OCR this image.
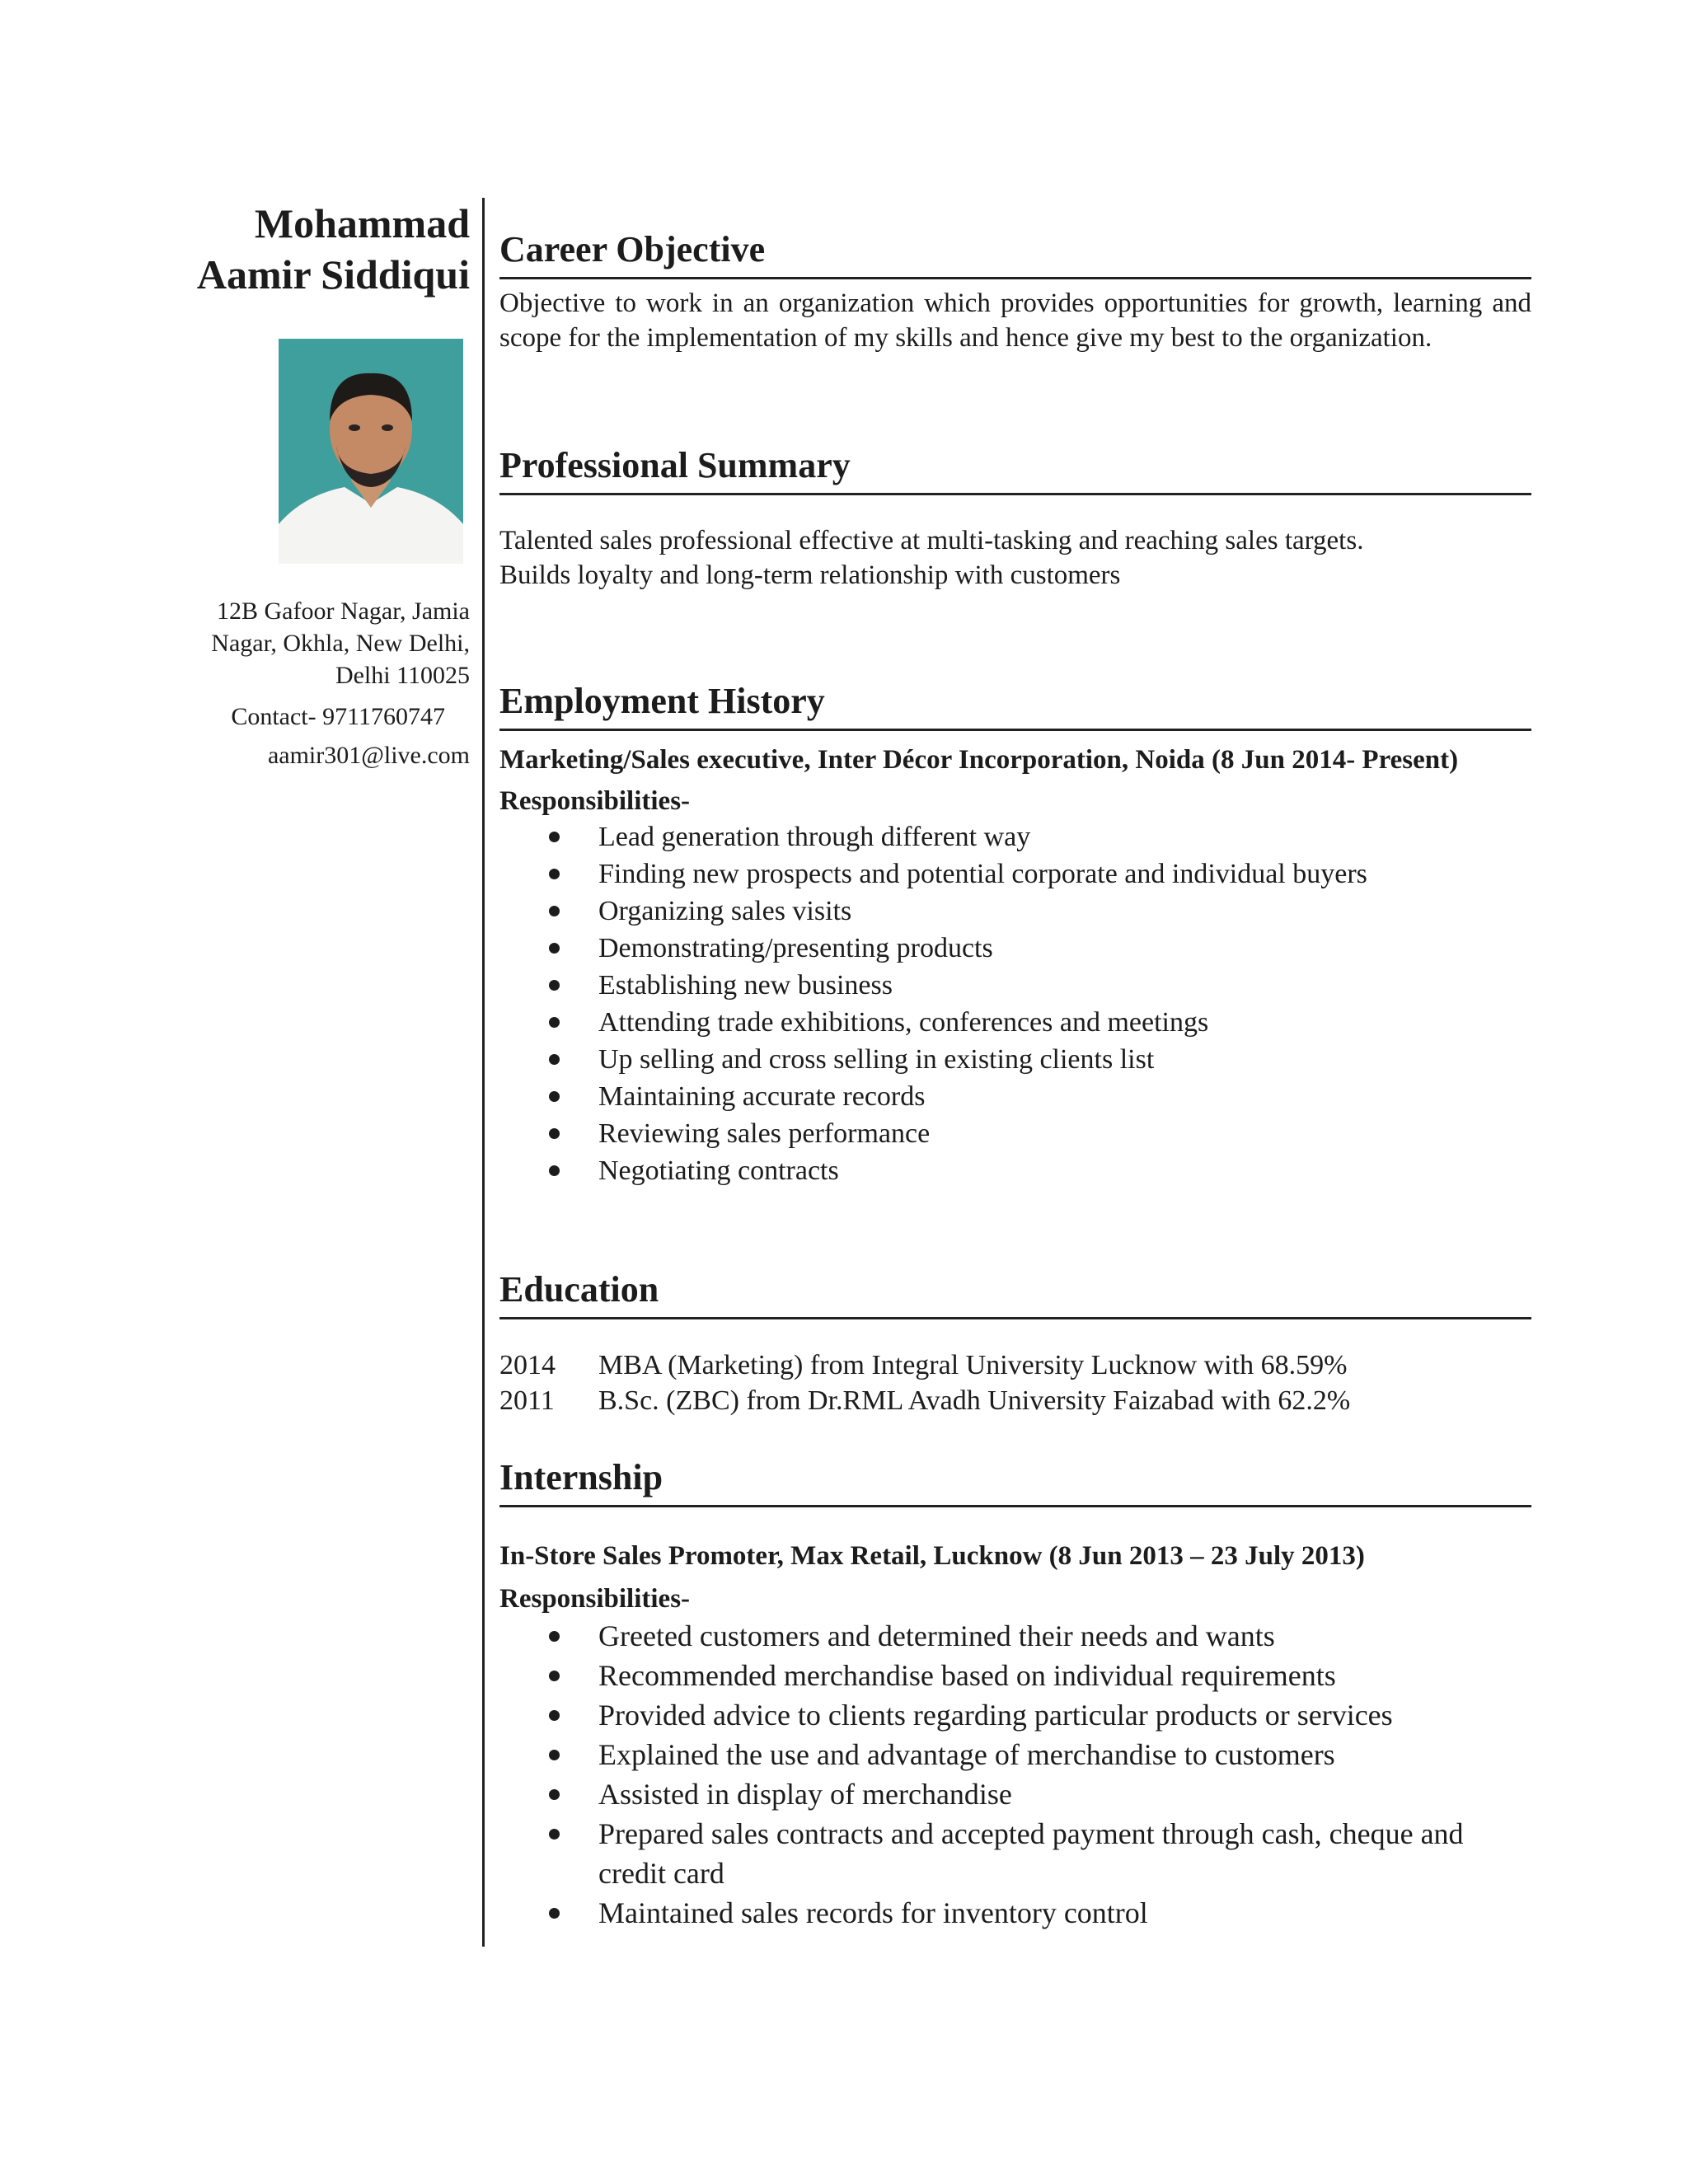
Mohammad

Aamir Siddiqui

12B Gafoor Nagar, Jamia
Nagar, Okhla, New Delhi,
Delhi 110025
Contact- 9711760747
aamir301@live.com
Career Objective

Objective to work in an organization which provides opportunities for growth, learning and scope for the implementation of my skills and hence give my best to the organization.

Professional Summary

Talented sales professional effective at multi-tasking and reaching sales targets.

Builds loyalty and long-term relationship with customers

Employment History

Marketing/Sales executive, Inter Décor Incorporation, Noida (8 Jun 2014- Present)

Responsibilities-

Lead generation through different way
Finding new prospects and potential corporate and individual buyers
Organizing sales visits
Demonstrating/presenting products
Establishing new business
Attending trade exhibitions, conferences and meetings
Up selling and cross selling in existing clients list
Maintaining accurate records
Reviewing sales performance
Negotiating contracts
Education
2014	MBA (Marketing) from Integral University Lucknow with 68.59%
2011	B.Sc. (ZBC) from Dr.RML Avadh University Faizabad with 62.2%
Internship

In-Store Sales Promoter, Max Retail, Lucknow (8 Jun 2013 – 23 July 2013)

Responsibilities-

Greeted customers and determined their needs and wants
Recommended merchandise based on individual requirements
Provided advice to clients regarding particular products or services
Explained the use and advantage of merchandise to customers
Assisted in display of merchandise
Prepared sales contracts and accepted payment through cash, cheque and credit card
Maintained sales records for inventory control
